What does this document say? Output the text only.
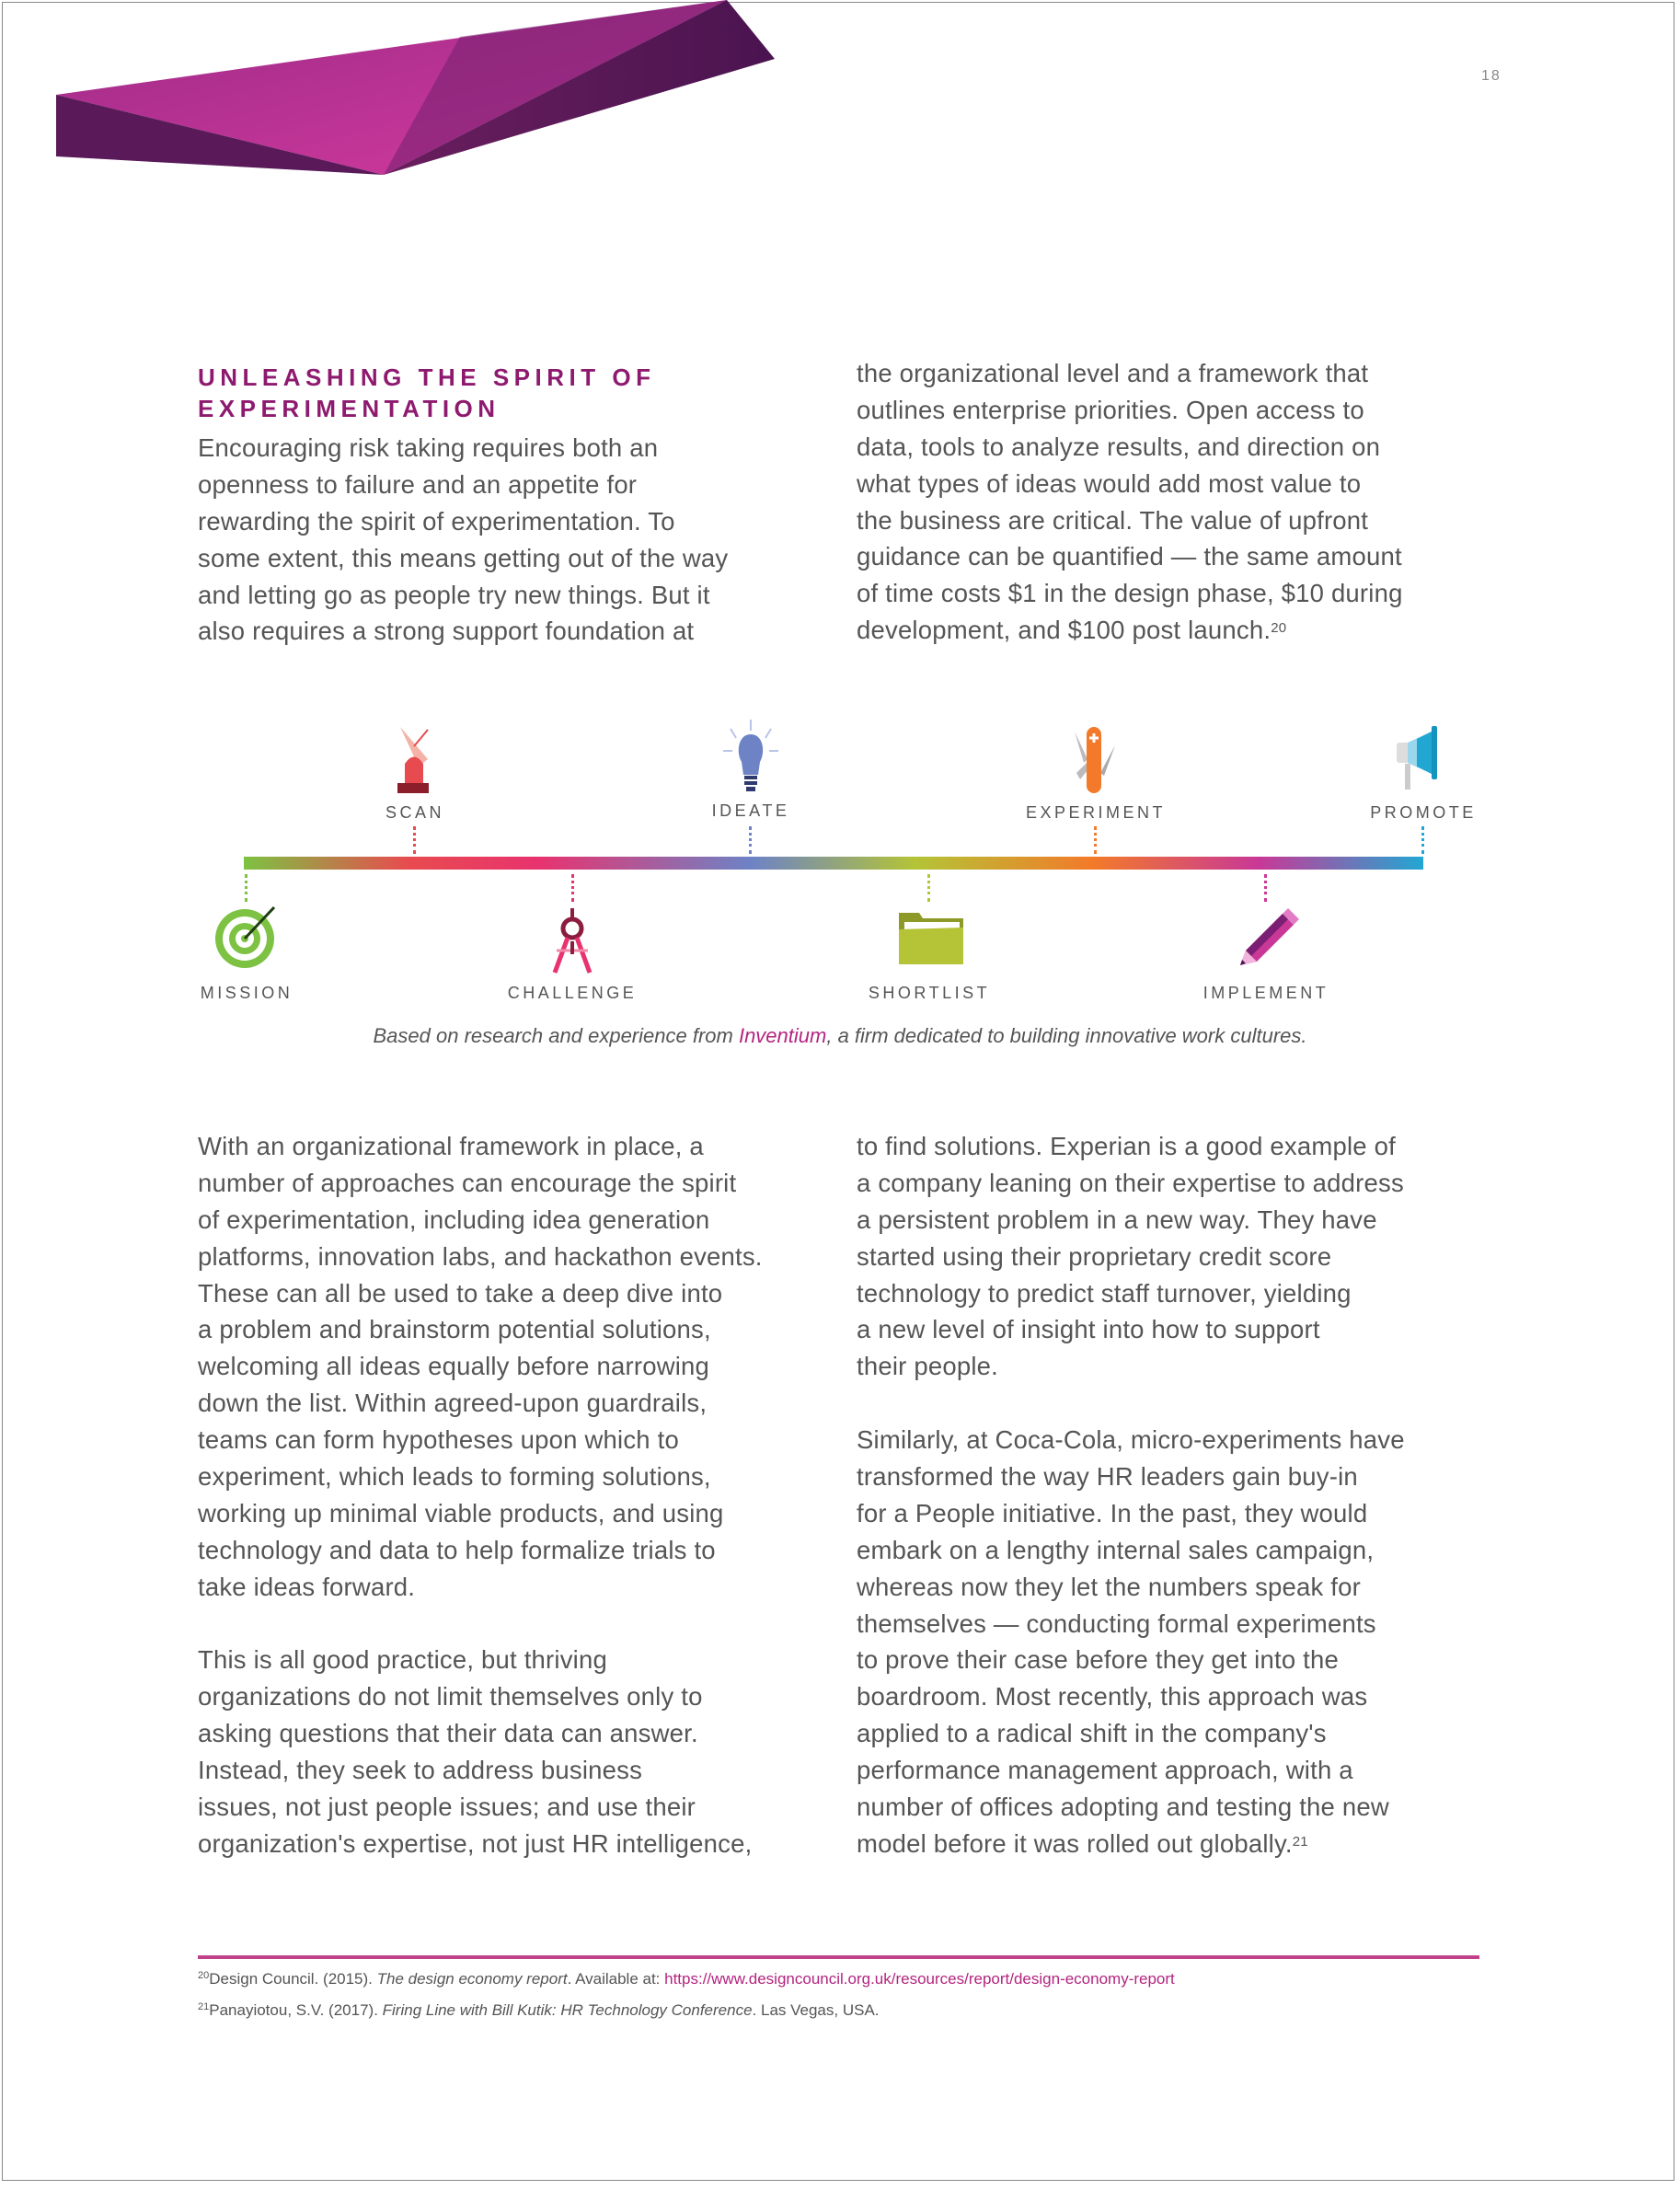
18
UNLEASHING THE SPIRIT OF
EXPERIMENTATION
Encouraging risk taking requires both an
openness to failure and an appetite for
rewarding the spirit of experimentation. To
some extent, this means getting out of the way
and letting go as people try new things. But it
also requires a strong support foundation at
the organizational level and a framework that
outlines enterprise priorities. Open access to
data, tools to analyze results, and direction on
what types of ideas would add most value to
the business are critical. The value of upfront
guidance can be quantified — the same amount
of time costs $1 in the design phase, $10 during
development, and $100 post launch.$^{20}$
SCAN	IDEATE	EXPERIMENT	PROMOTE
MISSION	CHALLENGE	SHORTLIST	IMPLEMENT
Based on research and experience from Inventium, a firm dedicated to building innovative work cultures.
With an organizational framework in place, a
number of approaches can encourage the spirit
of experimentation, including idea generation
platforms, innovation labs, and hackathon events.
These can all be used to take a deep dive into
a problem and brainstorm potential solutions,
welcoming all ideas equally before narrowing
down the list. Within agreed-upon guardrails,
teams can form hypotheses upon which to
experiment, which leads to forming solutions,
working up minimal viable products, and using
technology and data to help formalize trials to
take ideas forward.
This is all good practice, but thriving
organizations do not limit themselves only to
asking questions that their data can answer.
Instead, they seek to address business
issues, not just people issues; and use their
organization's expertise, not just HR intelligence,
to find solutions. Experian is a good example of
a company leaning on their expertise to address
a persistent problem in a new way. They have
started using their proprietary credit score
technology to predict staff turnover, yielding
a new level of insight into how to support
their people.
Similarly, at Coca-Cola, micro-experiments have
transformed the way HR leaders gain buy-in
for a People initiative. In the past, they would
embark on a lengthy internal sales campaign,
whereas now they let the numbers speak for
themselves — conducting formal experiments
to prove their case before they get into the
boardroom. Most recently, this approach was
applied to a radical shift in the company's
performance management approach, with a
number of offices adopting and testing the new
model before it was rolled out globally.$^{21}$
$^{20}$Design Council. (2015). The design economy report. Available at: https://www.designcouncil.org.uk/resources/report/design-economy-report
$^{21}$Panayiotou, S.V. (2017). Firing Line with Bill Kutik: HR Technology Conference. Las Vegas, USA.
